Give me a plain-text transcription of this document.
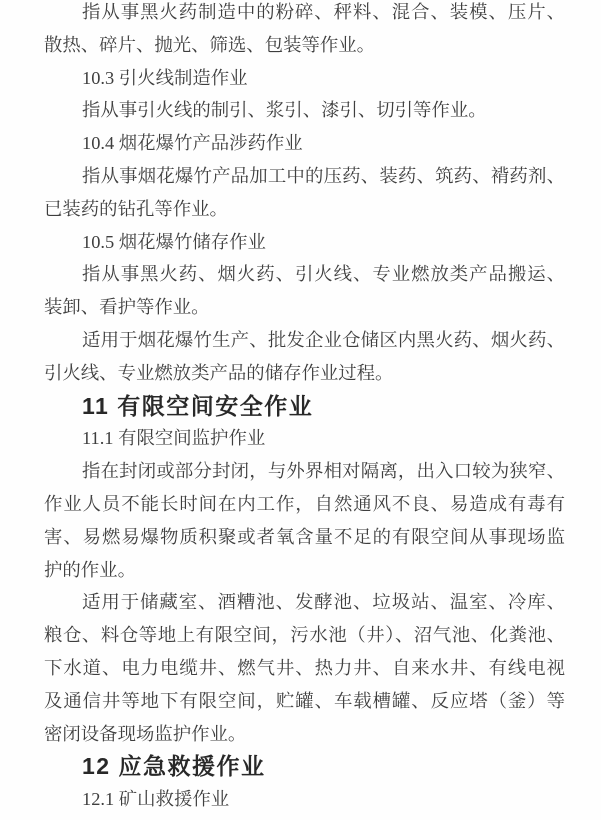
指从事黑火药制造中的粉碎、秤料、混合、装模、压片、
散热、碎片、抛光、筛选、包装等作业。
10.3 引火线制造作业
指从事引火线的制引、浆引、漆引、切引等作业。
10.4 烟花爆竹产品涉药作业
指从事烟花爆竹产品加工中的压药、装药、筑药、褙药剂、
已装药的钻孔等作业。
10.5 烟花爆竹储存作业
指从事黑火药、烟火药、引火线、专业燃放类产品搬运、
装卸、看护等作业。
适用于烟花爆竹生产、批发企业仓储区内黑火药、烟火药、
引火线、专业燃放类产品的储存作业过程。
11 有限空间安全作业
11.1 有限空间监护作业
指在封闭或部分封闭，与外界相对隔离，出入口较为狭窄、
作业人员不能长时间在内工作，自然通风不良、易造成有毒有
害、易燃易爆物质积聚或者氧含量不足的有限空间从事现场监
护的作业。
适用于储藏室、酒糟池、发酵池、垃圾站、温室、冷库、
粮仓、料仓等地上有限空间，污水池（井）、沼气池、化粪池、
下水道、电力电缆井、燃气井、热力井、自来水井、有线电视
及通信井等地下有限空间，贮罐、车载槽罐、反应塔（釜）等
密闭设备现场监护作业。
12 应急救援作业
12.1 矿山救援作业
